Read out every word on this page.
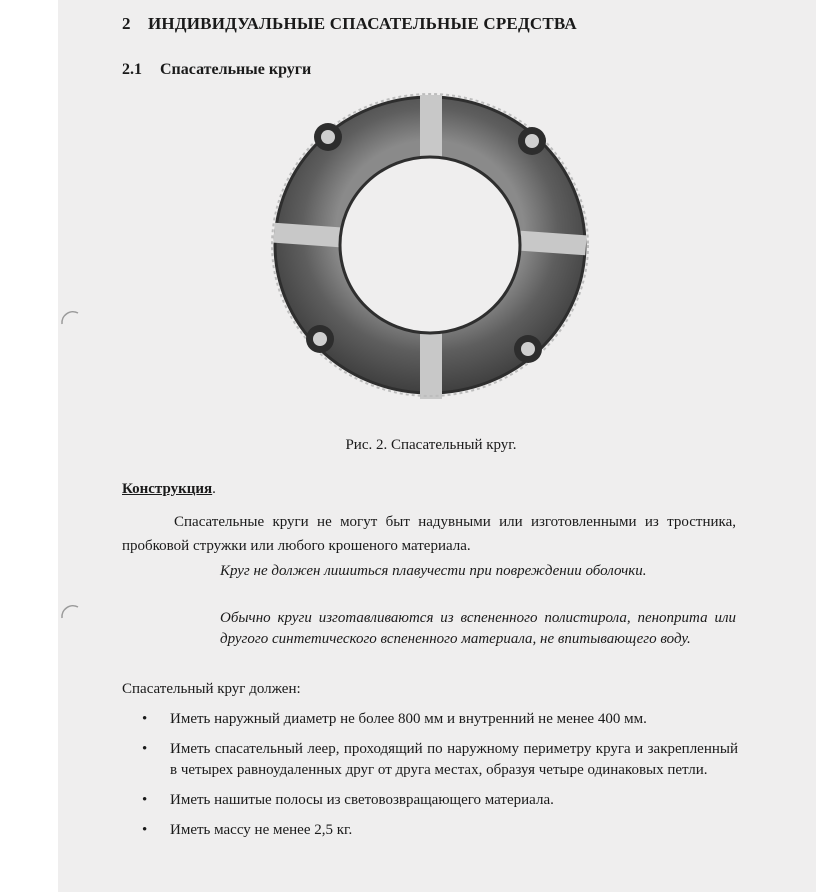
2 ИНДИВИДУАЛЬНЫЕ СПАСАТЕЛЬНЫЕ СРЕДСТВА
2.1 Спасательные круги
Рис. 2. Спасательный круг.
Конструкция.
Спасательные круги не могут быт надувными или изготовленными из тростника, пробковой стружки или любого крошеного материала.
Круг не должен лишиться плавучести при повреждении оболочки.
Обычно круги изготавливаются из вспененного полистирола, пеноприта или другого синтетического вспененного материала, не впитывающего воду.
Спасательный круг должен:
• Иметь наружный диаметр не более 800 мм и внутренний не менее 400 мм.
• Иметь спасательный леер, проходящий по наружному периметру круга и закрепленный в четырех равноудаленных друг от друга местах, образуя четыре одинаковых петли.
• Иметь нашитые полосы из световозвращающего материала.
• Иметь массу не менее 2,5 кг.
